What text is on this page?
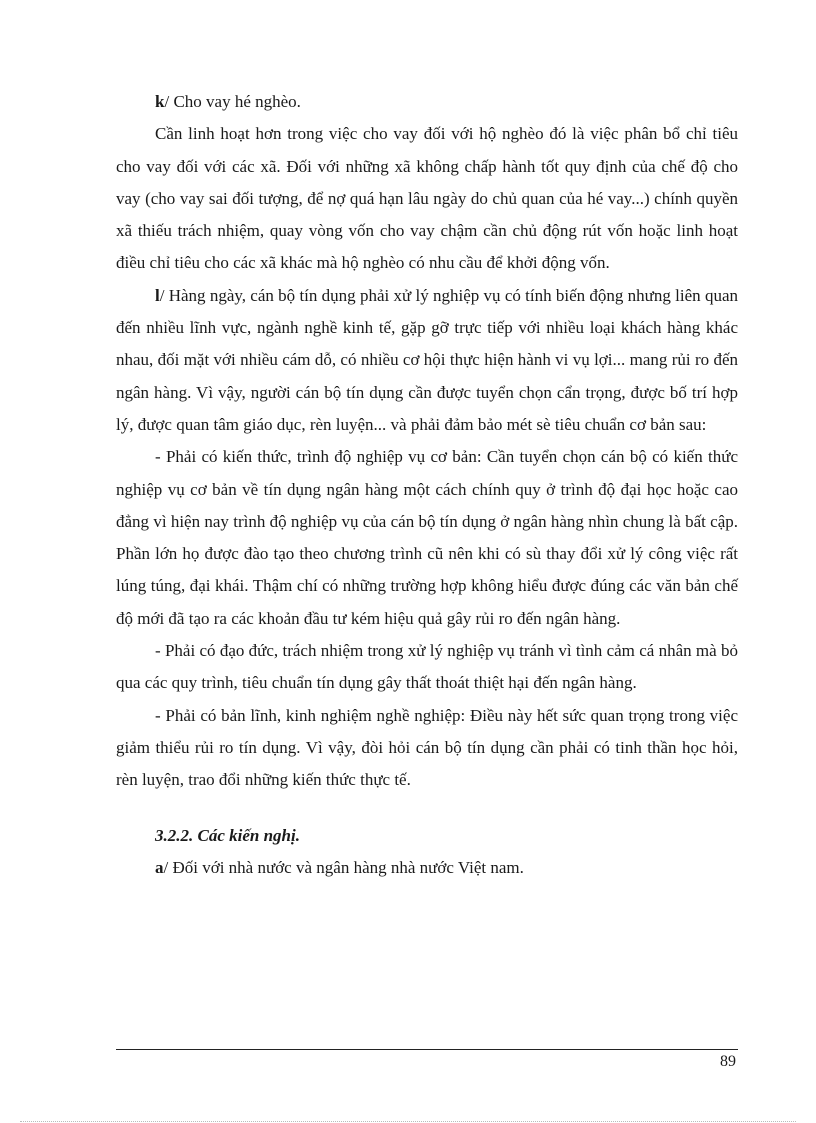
k/ Cho vay hé nghèo.

Cần linh hoạt hơn trong việc cho vay đối với hộ nghèo đó là việc phân bổ chỉ tiêu cho vay đối với các xã. Đối với những xã không chấp hành tốt quy định của chế độ cho vay (cho vay sai đối tượng, để nợ quá hạn lâu ngày do chủ quan của hé vay...) chính quyền xã thiếu trách nhiệm, quay vòng vốn cho vay chậm cần chủ động rút vốn hoặc linh hoạt điều chỉ tiêu cho các xã khác mà hộ nghèo có nhu cầu để khởi động vốn.

l/ Hàng ngày, cán bộ tín dụng phải xử lý nghiệp vụ có tính biến động nhưng liên quan đến nhiều lĩnh vực, ngành nghề kinh tế, gặp gỡ trực tiếp với nhiều loại khách hàng khác nhau, đối mặt với nhiều cám dỗ, có nhiều cơ hội thực hiện hành vi vụ lợi... mang rủi ro đến ngân hàng. Vì vậy, người cán bộ tín dụng cần được tuyển chọn cẩn trọng, được bố trí hợp lý, được quan tâm giáo dục, rèn luyện... và phải đảm bảo mét sè tiêu chuẩn cơ bản sau:

- Phải có kiến thức, trình độ nghiệp vụ cơ bản: Cần tuyển chọn cán bộ có kiến thức nghiệp vụ cơ bản về tín dụng ngân hàng một cách chính quy ở trình độ đại học hoặc cao đẳng vì hiện nay trình độ nghiệp vụ của cán bộ tín dụng ở ngân hàng nhìn chung là bất cập. Phần lớn họ được đào tạo theo chương trình cũ nên khi có sù thay đổi xử lý công việc rất lúng túng, đại khái. Thậm chí có những trường hợp không hiểu được đúng các văn bản chế độ mới đã tạo ra các khoản đầu tư kém hiệu quả gây rủi ro đến ngân hàng.

- Phải có đạo đức, trách nhiệm trong xử lý nghiệp vụ tránh vì tình cảm cá nhân mà bỏ qua các quy trình, tiêu chuẩn tín dụng gây thất thoát thiệt hại đến ngân hàng.

- Phải có bản lĩnh, kinh nghiệm nghề nghiệp: Điều này hết sức quan trọng trong việc giảm thiểu rủi ro tín dụng. Vì vậy, đòi hỏi cán bộ tín dụng cần phải có tinh thần học hỏi, rèn luyện, trao đổi những kiến thức thực tế.

3.2.2. Các kiến nghị.

a/ Đối với nhà nước và ngân hàng nhà nước Việt nam.

89
